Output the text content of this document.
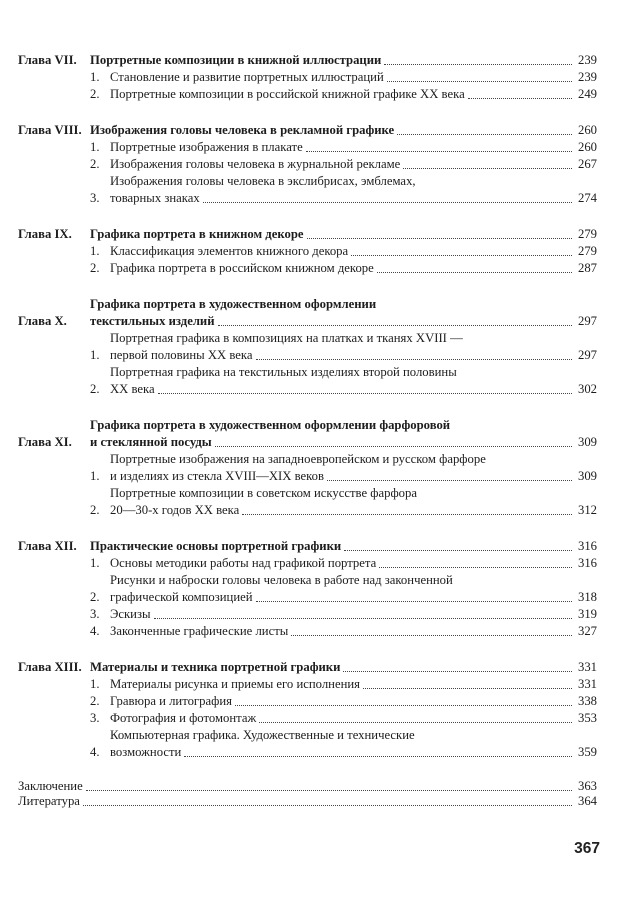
Глава VII.	Портретные композиции в книжной иллюстрации	239
1. Становление и развитие портретных иллюстраций	239
2. Портретные композиции в российской книжной графике XX века	249
Глава VIII. Изображения головы человека в рекламной графике	260
1. Портретные изображения в плакате	260
2. Изображения головы человека в журнальной рекламе	267
3.
Изображения головы человека в экслибрисах, эмблемах,
товарных знаках	274
Глава IX.	Графика портрета в книжном декоре	279
1. Классификация элементов книжного декора	279
2. Графика портрета в российском книжном декоре	287
Глава X.
Графика портрета в художественном оформлении
текстильных изделий	297
1.
Портретная графика в композициях на платках и тканях XVIII —
первой половины XX века	297
2.
Портретная графика на текстильных изделиях второй половины
XX века	302
Глава XI.
Графика портрета в художественном оформлении фарфоровой
и стеклянной посуды	309
1.
Портретные изображения на западноевропейском и русском фарфоре
и изделиях из стекла XVIII—XIX веков	309
2.
Портретные композиции в советском искусстве фарфора
20—30-х годов XX века	312
Глава XII.	Практические основы портретной графики	316
1. Основы методики работы над графикой портрета	316
2.
Рисунки и наброски головы человека в работе над законченной
графической композицией	318
3. Эскизы	319
4. Законченные графические листы	327
Глава XIII. Материалы и техника портретной графики	331
1. Материалы рисунка и приемы его исполнения	331
2. Гравюра и литография	338
3. Фотография и фотомонтаж	353
4.
Компьютерная графика. Художественные и технические
возможности	359
Заключение	363
Литература	364
367
